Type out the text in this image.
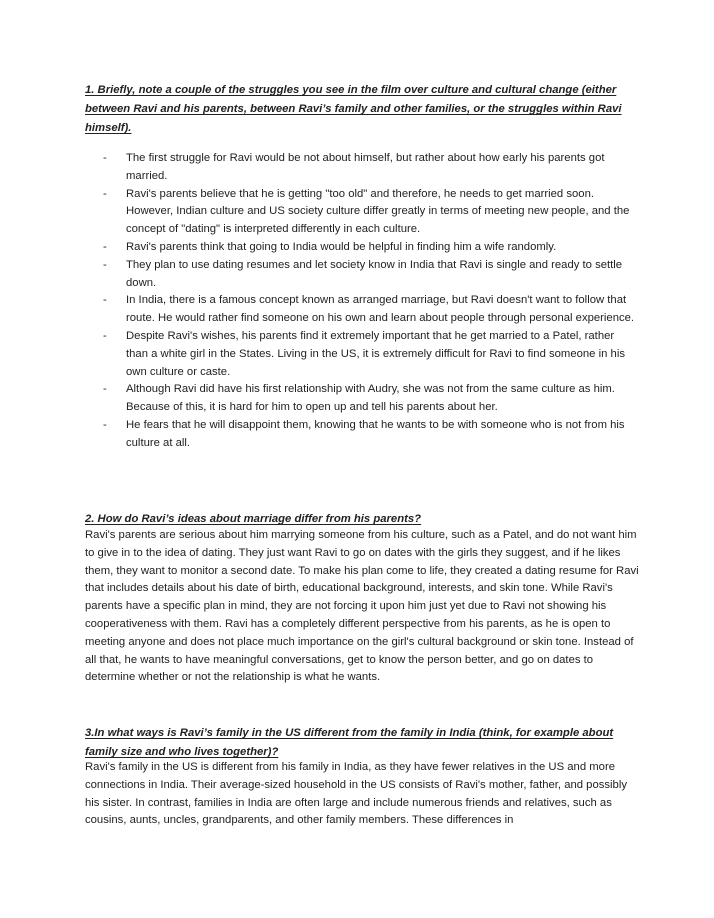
1. Briefly, note a couple of the struggles you see in the film over culture and cultural change (either between Ravi and his parents, between Ravi’s family and other families, or the struggles within Ravi himself).

- The first struggle for Ravi would be not about himself, but rather about how early his parents got married.
- Ravi's parents believe that he is getting "too old" and therefore, he needs to get married soon. However, Indian culture and US society culture differ greatly in terms of meeting new people, and the concept of "dating" is interpreted differently in each culture.
- Ravi's parents think that going to India would be helpful in finding him a wife randomly.
- They plan to use dating resumes and let society know in India that Ravi is single and ready to settle down.
- In India, there is a famous concept known as arranged marriage, but Ravi doesn't want to follow that route. He would rather find someone on his own and learn about people through personal experience.
- Despite Ravi's wishes, his parents find it extremely important that he get married to a Patel, rather than a white girl in the States. Living in the US, it is extremely difficult for Ravi to find someone in his own culture or caste.
- Although Ravi did have his first relationship with Audry, she was not from the same culture as him. Because of this, it is hard for him to open up and tell his parents about her.
- He fears that he will disappoint them, knowing that he wants to be with someone who is not from his culture at all.

2. How do Ravi’s ideas about marriage differ from his parents?

Ravi's parents are serious about him marrying someone from his culture, such as a Patel, and do not want him to give in to the idea of dating. They just want Ravi to go on dates with the girls they suggest, and if he likes them, they want to monitor a second date. To make his plan come to life, they created a dating resume for Ravi that includes details about his date of birth, educational background, interests, and skin tone. While Ravi's parents have a specific plan in mind, they are not forcing it upon him just yet due to Ravi not showing his cooperativeness with them. Ravi has a completely different perspective from his parents, as he is open to meeting anyone and does not place much importance on the girl's cultural background or skin tone. Instead of all that, he wants to have meaningful conversations, get to know the person better, and go on dates to determine whether or not the relationship is what he wants.

3.In what ways is Ravi’s family in the US different from the family in India (think, for example about family size and who lives together)?

Ravi's family in the US is different from his family in India, as they have fewer relatives in the US and more connections in India. Their average-sized household in the US consists of Ravi's mother, father, and possibly his sister. In contrast, families in India are often large and include numerous friends and relatives, such as cousins, aunts, uncles, grandparents, and other family members. These differences in
